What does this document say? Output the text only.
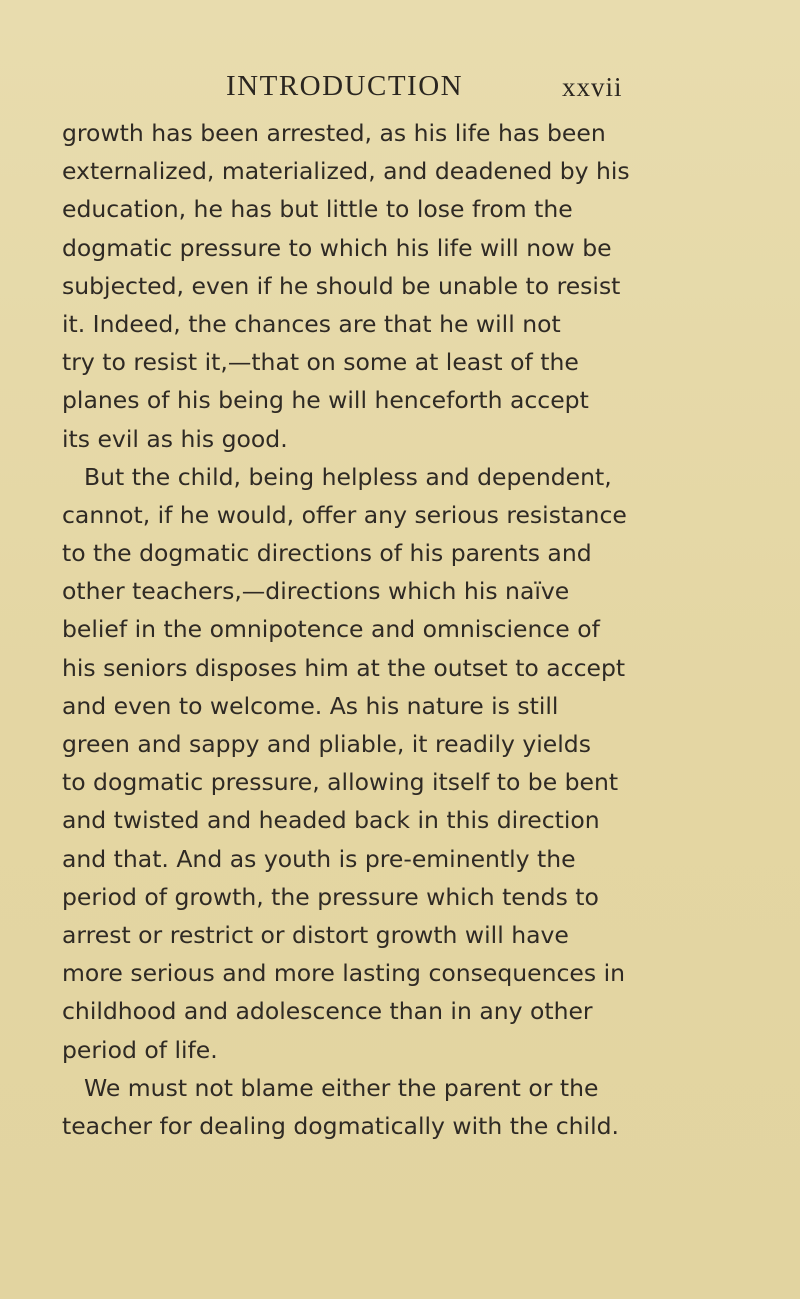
INTRODUCTION	xxvii
growth has been arrested, as his life has been
externalized, materialized, and deadened by his
education, he has but little to lose from the
dogmatic pressure to which his life will now be
subjected, even if he should be unable to resist
it. Indeed, the chances are that he will not
try to resist it,—that on some at least of the
planes of his being he will henceforth accept
its evil as his good.
But the child, being helpless and dependent,
cannot, if he would, offer any serious resistance
to the dogmatic directions of his parents and
other teachers,—directions which his naïve
belief in the omnipotence and omniscience of
his seniors disposes him at the outset to accept
and even to welcome. As his nature is still
green and sappy and pliable, it readily yields
to dogmatic pressure, allowing itself to be bent
and twisted and headed back in this direction
and that. And as youth is pre-eminently the
period of growth, the pressure which tends to
arrest or restrict or distort growth will have
more serious and more lasting consequences in
childhood and adolescence than in any other
period of life.
We must not blame either the parent or the
teacher for dealing dogmatically with the child.
